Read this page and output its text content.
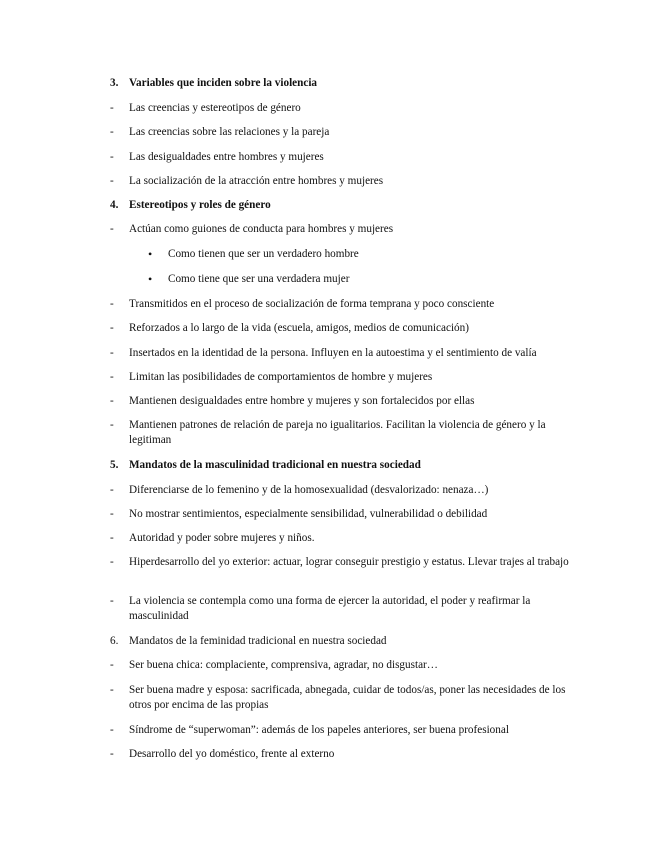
3. Variables que inciden sobre la violencia
-	Las creencias y estereotipos de género
-	Las creencias sobre las relaciones y la pareja
-	Las desigualdades entre hombres y mujeres
-	La socialización de la atracción entre hombres y mujeres
4. Estereotipos y roles de género
-	Actúan como guiones de conducta para hombres y mujeres
•	Como tienen que ser un verdadero hombre
•	Como tiene que ser una verdadera mujer
-	Transmitidos en el proceso de socialización de forma temprana y poco consciente
-	Reforzados a lo largo de la vida (escuela, amigos, medios de comunicación)
-	Insertados en la identidad de la persona. Influyen en la autoestima y el sentimiento de valía
-	Limitan las posibilidades de comportamientos de hombre y mujeres
-	Mantienen desigualdades entre hombre y mujeres y son fortalecidos por ellas
-	Mantienen patrones de relación de pareja no igualitarios. Facilitan la violencia de género y la legitiman
5. Mandatos de la masculinidad tradicional en nuestra sociedad
-	Diferenciarse de lo femenino y de la homosexualidad (desvalorizado: nenaza…)
-	No mostrar sentimientos, especialmente sensibilidad, vulnerabilidad o debilidad
-	Autoridad y poder sobre mujeres y niños.
-	Hiperdesarrollo del yo exterior: actuar, lograr conseguir prestigio y estatus. Llevar trajes al trabajo
-	La violencia se contempla como una forma de ejercer la autoridad, el poder y reafirmar la masculinidad
6. Mandatos de la feminidad tradicional en nuestra sociedad
-	Ser buena chica: complaciente, comprensiva, agradar, no disgustar…
-	Ser buena madre y esposa: sacrificada, abnegada, cuidar de todos/as, poner las necesidades de los otros por encima de las propias
-	Síndrome de “superwoman”: además de los papeles anteriores, ser buena profesional
-	Desarrollo del yo doméstico, frente al externo
